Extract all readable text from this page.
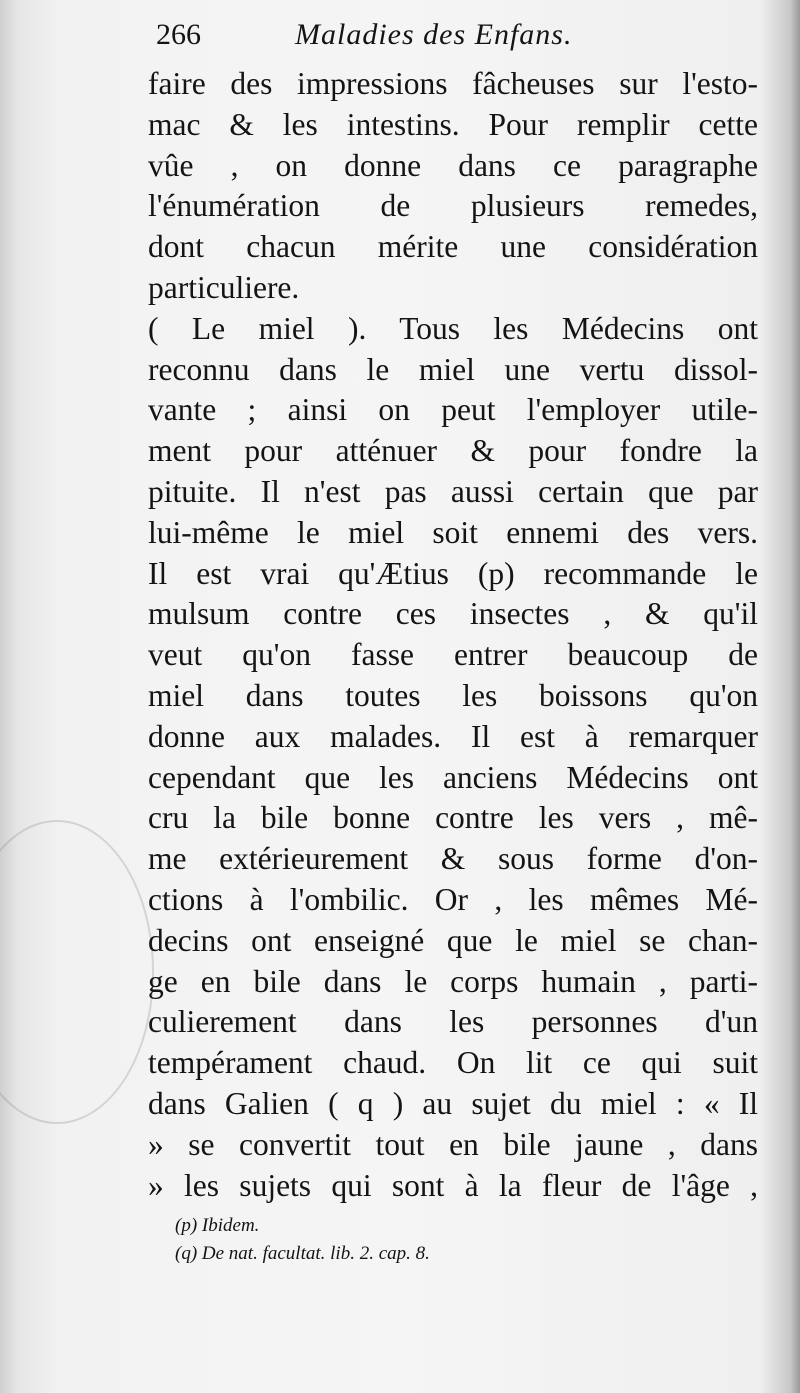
266	Maladies des Enfans.
faire des impressions fâcheuses sur l'esto-
mac & les intestins. Pour remplir cette
vûe , on donne dans ce paragraphe
l'énumération de plusieurs remedes,
dont chacun mérite une considération
particuliere.
( Le miel ). Tous les Médecins ont
reconnu dans le miel une vertu dissol-
vante ; ainsi on peut l'employer utile-
ment pour atténuer & pour fondre la
pituite. Il n'est pas aussi certain que par
lui-même le miel soit ennemi des vers.
Il est vrai qu'Ætius (p) recommande le
mulsum contre ces insectes , & qu'il
veut qu'on fasse entrer beaucoup de
miel dans toutes les boissons qu'on
donne aux malades. Il est à remarquer
cependant que les anciens Médecins ont
cru la bile bonne contre les vers , mê-
me extérieurement & sous forme d'on-
ctions à l'ombilic. Or , les mêmes Mé-
decins ont enseigné que le miel se chan-
ge en bile dans le corps humain , parti-
culierement dans les personnes d'un
tempérament chaud. On lit ce qui suit
dans Galien ( q ) au sujet du miel : « Il
» se convertit tout en bile jaune , dans
» les sujets qui sont à la fleur de l'âge ,
(p) Ibidem.
(q) De nat. facultat. lib. 2. cap. 8.
